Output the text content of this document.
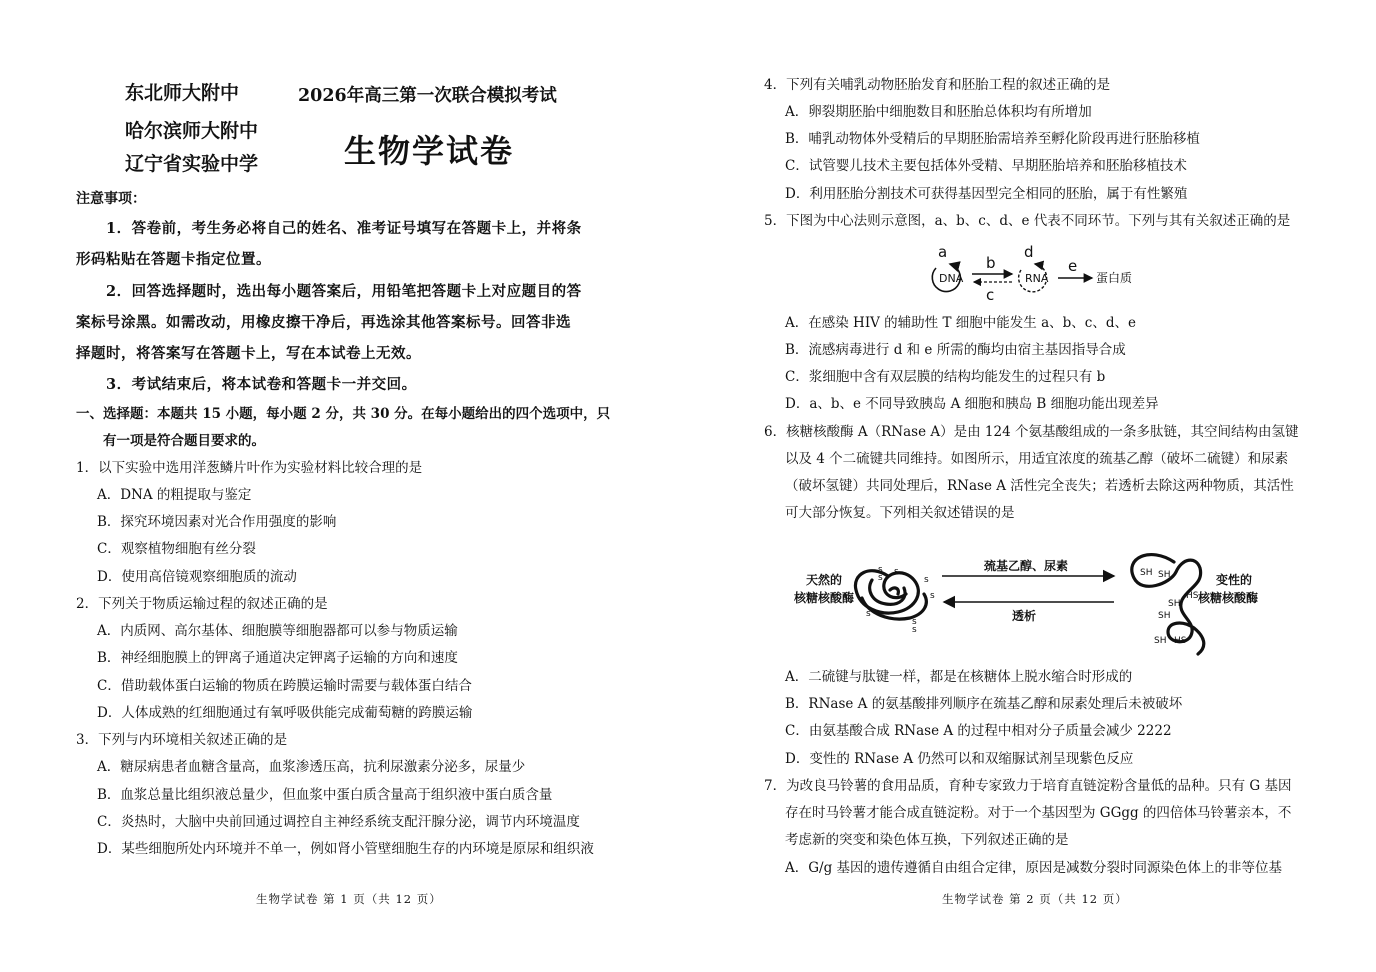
东北师大附中
哈尔滨师大附中
辽宁省实验中学
2026年高三第一次联合模拟考试
生物学试卷
注意事项：
1．答卷前，考生务必将自己的姓名、准考证号填写在答题卡上，并将条
形码粘贴在答题卡指定位置。
2．回答选择题时，选出每小题答案后，用铅笔把答题卡上对应题目的答
案标号涂黑。如需改动，用橡皮擦干净后，再选涂其他答案标号。回答非选
择题时，将答案写在答题卡上，写在本试卷上无效。
3．考试结束后，将本试卷和答题卡一并交回。
一、选择题：本题共 15 小题，每小题 2 分，共 30 分。在每小题给出的四个选项中，只
有一项是符合题目要求的。
1．以下实验中选用洋葱鳞片叶作为实验材料比较合理的是
A．DNA 的粗提取与鉴定
B．探究环境因素对光合作用强度的影响
C．观察植物细胞有丝分裂
D．使用高倍镜观察细胞质的流动
2．下列关于物质运输过程的叙述正确的是
A．内质网、高尔基体、细胞膜等细胞器都可以参与物质运输
B．神经细胞膜上的钾离子通道决定钾离子运输的方向和速度
C．借助载体蛋白运输的物质在跨膜运输时需要与载体蛋白结合
D．人体成熟的红细胞通过有氧呼吸供能完成葡萄糖的跨膜运输
3．下列与内环境相关叙述正确的是
A．糖尿病患者血糖含量高，血浆渗透压高，抗利尿激素分泌多，尿量少
B．血浆总量比组织液总量少，但血浆中蛋白质含量高于组织液中蛋白质含量
C．炎热时，大脑中央前回通过调控自主神经系统支配汗腺分泌，调节内环境温度
D．某些细胞所处内环境并不单一，例如肾小管壁细胞生存的内环境是原尿和组织液
生物学试卷 第 1 页（共 12 页）
4．下列有关哺乳动物胚胎发育和胚胎工程的叙述正确的是
A．卵裂期胚胎中细胞数目和胚胎总体积均有所增加
B．哺乳动物体外受精后的早期胚胎需培养至孵化阶段再进行胚胎移植
C．试管婴儿技术主要包括体外受精、早期胚胎培养和胚胎移植技术
D．利用胚胎分割技术可获得基因型完全相同的胚胎，属于有性繁殖
5．下图为中心法则示意图，a、b、c、d、e 代表不同环节。下列与其有关叙述正确的是
a
DNA
b
c
d
RNA
e
蛋白质
A．在感染 HIV 的辅助性 T 细胞中能发生 a、b、c、d、e
B．流感病毒进行 d 和 e 所需的酶均由宿主基因指导合成
C．浆细胞中含有双层膜的结构均能发生的过程只有 b
D．a、b、e 不同导致胰岛 A 细胞和胰岛 B 细胞功能出现差异
6．核糖核酸酶 A（RNase A）是由 124 个氨基酸组成的一条多肽链，其空间结构由氢键
以及 4 个二硫键共同维持。如图所示，用适宜浓度的巯基乙醇（破坏二硫键）和尿素
（破坏氢键）共同处理后，RNase A 活性完全丧失；若透析去除这两种物质，其活性
可大部分恢复。下列相关叙述错误的是
天然的
核糖核酸酶
s
s
s
s
s
s
s
s
巯基乙醇、尿素
透析
SH SH
HS
SH
SH
SH HS
变性的
核糖核酸酶
A．二硫键与肽键一样，都是在核糖体上脱水缩合时形成的
B．RNase A 的氨基酸排列顺序在巯基乙醇和尿素处理后未被破坏
C．由氨基酸合成 RNase A 的过程中相对分子质量会减少 2222
D．变性的 RNase A 仍然可以和双缩脲试剂呈现紫色反应
7．为改良马铃薯的食用品质，育种专家致力于培育直链淀粉含量低的品种。只有 G 基因
存在时马铃薯才能合成直链淀粉。对于一个基因型为 GGgg 的四倍体马铃薯亲本，不
考虑新的突变和染色体互换，下列叙述正确的是
A．G/g 基因的遗传遵循自由组合定律，原因是减数分裂时同源染色体上的非等位基
生物学试卷 第 2 页（共 12 页）
